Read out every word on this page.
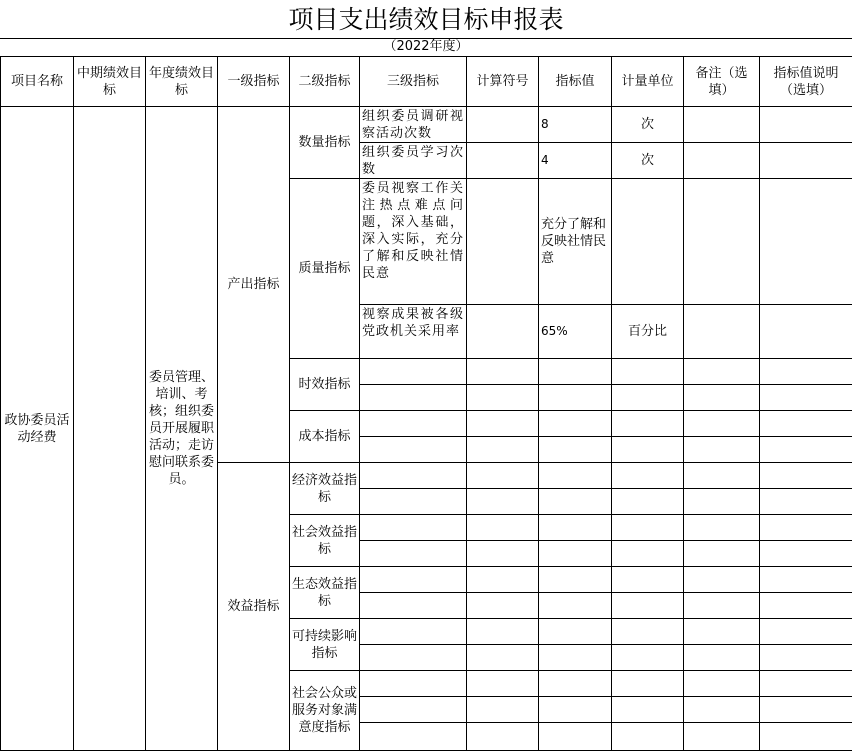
项目支出绩效目标申报表
（2022年度）
项目名称	中期绩效目标	年度绩效目标	一级指标	二级指标	三级指标	计算符号	指标值	计量单位	备注（选填）	指标值说明（选填）
政协委员活动经费		委员管理、培训、考核；组织委员开展履职活动；走访慰问联系委员。	产出指标	数量指标	组织委员调研视察活动次数		8	次		
					组织委员学习次数		4	次		
				质量指标	委员视察工作关注热点难点问题，深入基础，深入实际，充分了解和反映社情民意		充分了解和反映社情民意			
					视察成果被各级党政机关采用率		65%	百分比		
				时效指标						

				成本指标						

			效益指标	经济效益指标						

				社会效益指标						

				生态效益指标						

				可持续影响指标						

				社会公众或服务对象满意度指标						
